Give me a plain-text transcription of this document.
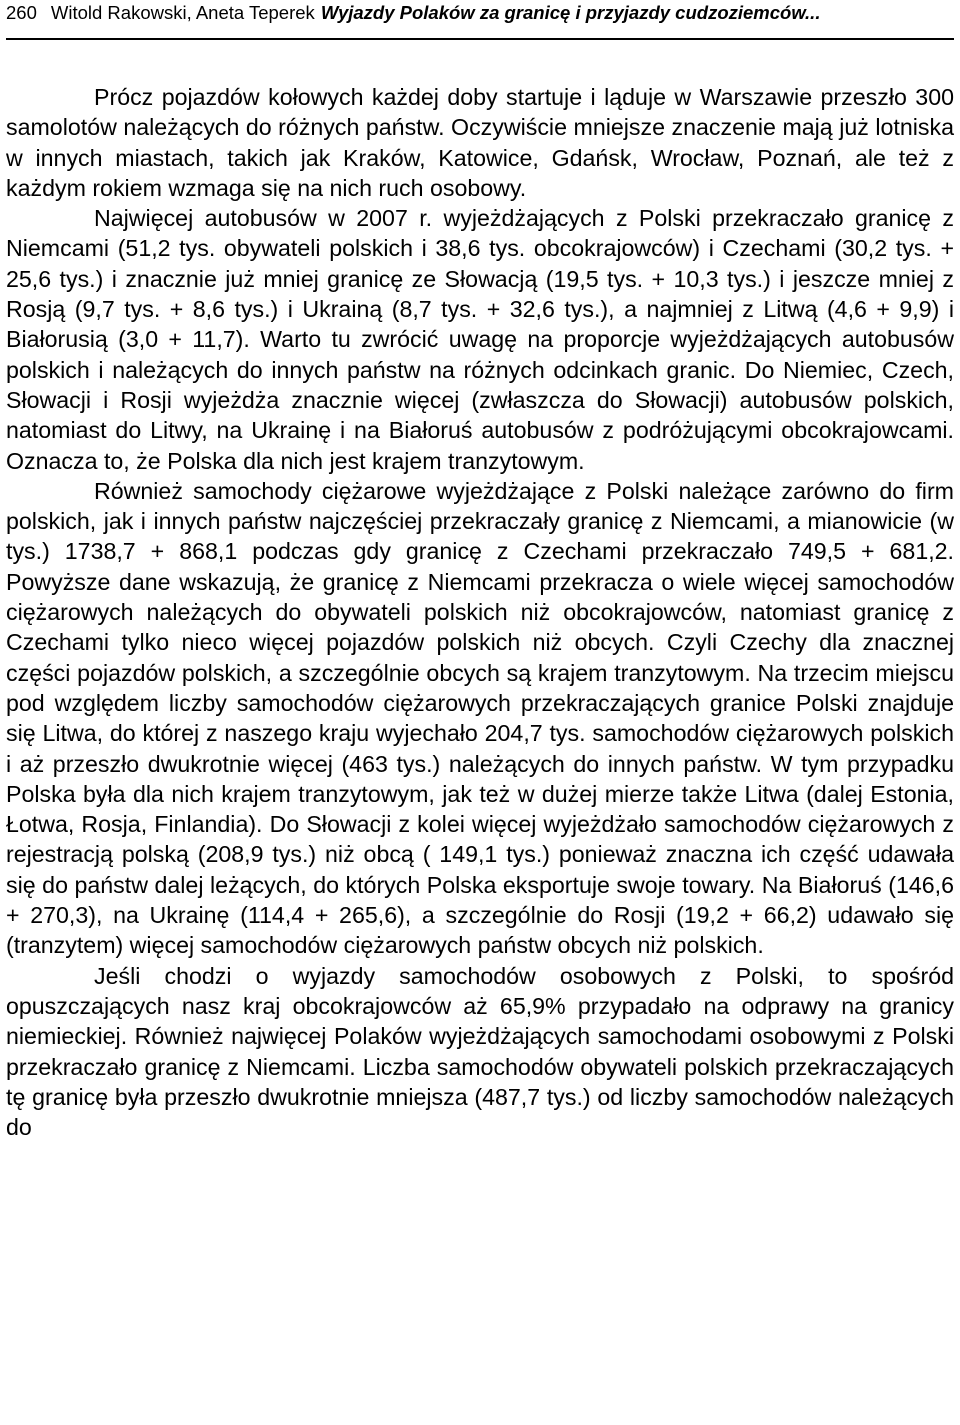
260 Witold Rakowski, Aneta Teperek Wyjazdy Polaków za granicę i przyjazdy cudzoziemców...

Prócz pojazdów kołowych każdej doby startuje i ląduje w Warszawie przeszło 300 samolotów należących do różnych państw. Oczywiście mniejsze znaczenie mają już lotniska w innych miastach, takich jak Kraków, Katowice, Gdańsk, Wrocław, Poznań, ale też z każdym rokiem wzmaga się na nich ruch osobowy.

Najwięcej autobusów w 2007 r. wyjeżdżających z Polski przekraczało granicę z Niemcami (51,2 tys. obywateli polskich i 38,6 tys. obcokrajowców) i Czechami (30,2 tys. + 25,6 tys.) i znacznie już mniej granicę ze Słowacją (19,5 tys. + 10,3 tys.) i jeszcze mniej z Rosją (9,7 tys. + 8,6 tys.) i Ukrainą (8,7 tys. + 32,6 tys.), a najmniej z Litwą (4,6 + 9,9) i Białorusią (3,0 + 11,7). Warto tu zwrócić uwagę na proporcje wyjeżdżających autobusów polskich i należących do innych państw na różnych odcinkach granic. Do Niemiec, Czech, Słowacji i Rosji wyjeżdża znacznie więcej (zwłaszcza do Słowacji) autobusów polskich, natomiast do Litwy, na Ukrainę i na Białoruś autobusów z podróżującymi obcokrajowcami. Oznacza to, że Polska dla nich jest krajem tranzytowym.

Również samochody ciężarowe wyjeżdżające z Polski należące zarówno do firm polskich, jak i innych państw najczęściej przekraczały granicę z Niemcami, a mianowicie (w tys.) 1738,7 + 868,1 podczas gdy granicę z Czechami przekraczało 749,5 + 681,2. Powyższe dane wskazują, że granicę z Niemcami przekracza o wiele więcej samochodów ciężarowych należących do obywateli polskich niż obcokrajowców, natomiast granicę z Czechami tylko nieco więcej pojazdów polskich niż obcych. Czyli Czechy dla znacznej części pojazdów polskich, a szczególnie obcych są krajem tranzytowym. Na trzecim miejscu pod względem liczby samochodów ciężarowych przekraczających granice Polski znajduje się Litwa, do której z naszego kraju wyjechało 204,7 tys. samochodów ciężarowych polskich i aż przeszło dwukrotnie więcej (463 tys.) należących do innych państw. W tym przypadku Polska była dla nich krajem tranzytowym, jak też w dużej mierze także Litwa (dalej Estonia, Łotwa, Rosja, Finlandia). Do Słowacji z kolei więcej wyjeżdżało samochodów ciężarowych z rejestracją polską (208,9 tys.) niż obcą ( 149,1 tys.) ponieważ znaczna ich część udawała się do państw dalej leżących, do których Polska eksportuje swoje towary. Na Białoruś (146,6 + 270,3), na Ukrainę (114,4 + 265,6), a szczególnie do Rosji (19,2 + 66,2) udawało się (tranzytem) więcej samochodów ciężarowych państw obcych niż polskich.

Jeśli chodzi o wyjazdy samochodów osobowych z Polski, to spośród opuszczających nasz kraj obcokrajowców aż 65,9% przypadało na odprawy na granicy niemieckiej. Również najwięcej Polaków wyjeżdżających samochodami osobowymi z Polski przekraczało granicę z Niemcami. Liczba samochodów obywateli polskich przekraczających tę granicę była przeszło dwukrotnie mniejsza (487,7 tys.) od liczby samochodów należących do
